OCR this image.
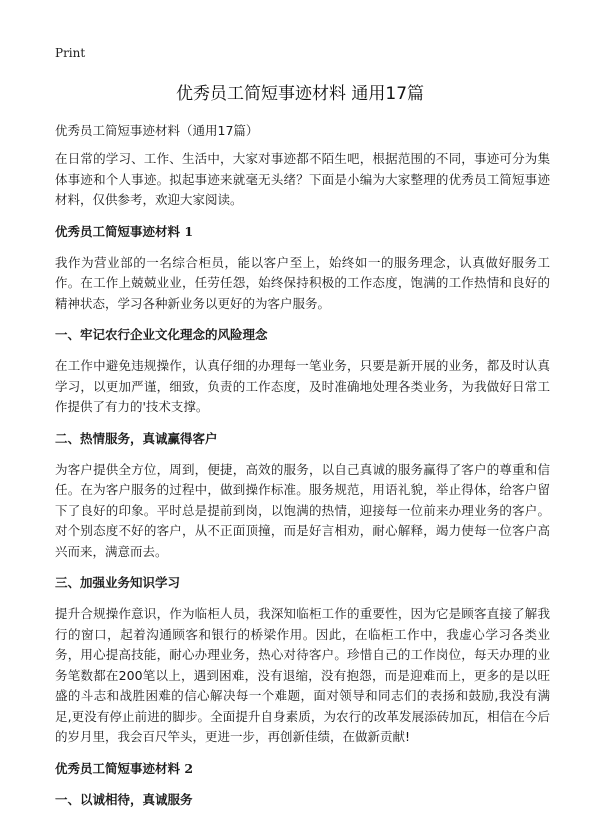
Print
优秀员工简短事迹材料 通用17篇

优秀员工简短事迹材料（通用17篇）

在日常的学习、工作、生活中，大家对事迹都不陌生吧，根据范围的不同，事迹可分为集体事迹和个人事迹。拟起事迹来就毫无头绪？下面是小编为大家整理的优秀员工简短事迹材料，仅供参考，欢迎大家阅读。

优秀员工简短事迹材料 1

我作为营业部的一名综合柜员，能以客户至上，始终如一的服务理念，认真做好服务工作。在工作上兢兢业业，任劳任怨，始终保持积极的工作态度，饱满的工作热情和良好的精神状态，学习各种新业务以更好的为客户服务。

一、牢记农行企业文化理念的风险理念

在工作中避免违规操作，认真仔细的办理每一笔业务，只要是新开展的业务，都及时认真学习，以更加严谨，细致，负责的工作态度，及时准确地处理各类业务，为我做好日常工作提供了有力的'技术支撑。

二、热情服务，真诚赢得客户

为客户提供全方位，周到，便捷，高效的服务，以自己真诚的服务赢得了客户的尊重和信任。在为客户服务的过程中，做到操作标准。服务规范，用语礼貌，举止得体，给客户留下了良好的印象。平时总是提前到岗，以饱满的热情，迎接每一位前来办理业务的客户。对个别态度不好的客户，从不正面顶撞，而是好言相劝，耐心解释，竭力使每一位客户高兴而来，满意而去。

三、加强业务知识学习

提升合规操作意识，作为临柜人员，我深知临柜工作的重要性，因为它是顾客直接了解我行的窗口，起着沟通顾客和银行的桥梁作用。因此，在临柜工作中，我虚心学习各类业务，用心提高技能，耐心办理业务，热心对待客户。珍惜自己的工作岗位，每天办理的业务笔数都在200笔以上，遇到困难，没有退缩，没有抱怨，而是迎难而上，更多的是以旺盛的斗志和战胜困难的信心解决每一个难题，面对领导和同志们的表扬和鼓励,我没有满足,更没有停止前进的脚步。全面提升自身素质，为农行的改革发展添砖加瓦，相信在今后的岁月里，我会百尺竿头，更进一步，再创新佳绩，在做新贡献!

优秀员工简短事迹材料 2
一、以诚相待，真诚服务
